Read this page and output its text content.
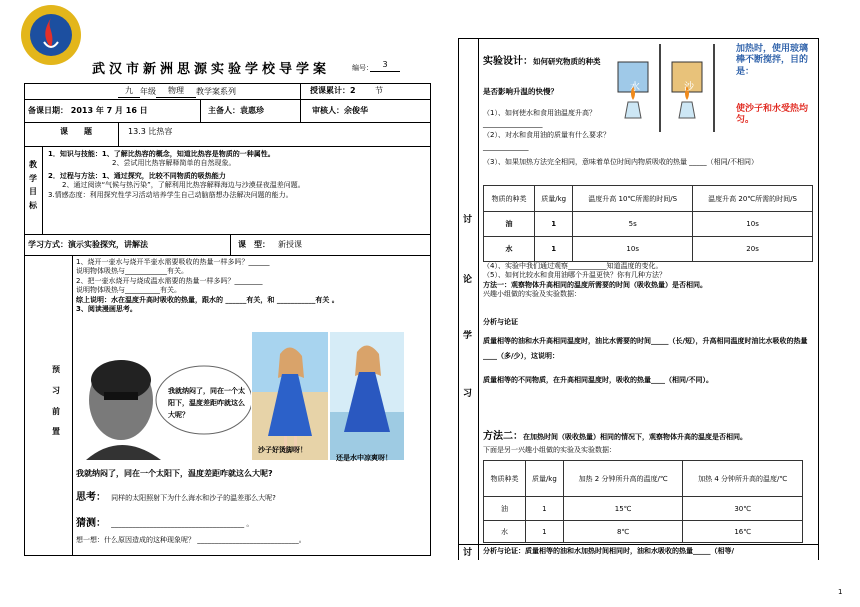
武汉市新洲思源实验学校导学案	编号：	3
九 年级 物理 教学案系列	授课累计：2 节
备课日期： 2013 年 7 月 16 日	主备人：袁惠珍	审核人：余俊华
课　　题	13.3 比热容
教学目标
1．知识与技能：1、了解比热容的概念，知道比热容是物质的一种属性。
2、尝试用比热容解释简单的自然现象。
2．过程与方法：1、通过探究，比较不同物质的吸热能力
2、通过阅读“气候与热污染”，了解利用比热容解释海边与沙漠昼夜温差问题。
3.情感态度：利用探究性学习活动培养学生自己动脑筋想办法解决问题的能力。
学习方式：演示实验探究，讲解法	课　型： 新授课
预习前置
1、烧开一壶水与烧开半壶水需要吸收的热量一样多吗？______
说明物体吸热与____________有关。
2、把一壶水烧开与烧成温水需要的热量一样多吗？________
说明物体吸热与__________有关。
综上说明：水在温度升高时吸收的热量，跟水的 ______有关，和 ___________有关 。
3、阅读漫画思考。
我就纳闷了，同在一个太阳下，温度差距咋就这么大呢？
沙子好烫脚呀！
还是水中凉爽呀！
我就纳闷了，同在一个太阳下，温度差距咋就这么大呢?
思考： 同样的太阳照射下为什么海水和沙子的温差那么大呢?
猜测： ______________________________________ 。
想一想：什么原因造成的这种现象呢？ _____________________________。
讨
论
学
习
讨
实验设计：如何研究物质的种类是否影响升温的快慢？	水	沙
加热时，使用玻璃棒不断搅拌，目的是：
使沙子和水受热均匀。
（1）、如何使水和食用油温度升高？_________________
（2）、对水和食用油的质量有什么要求？_____________
（3）、如果加热方法完全相同，意味着单位时间内物质吸收的热量 _____（相同/不相同）
物质的种类	质量/kg	温度升高 10℃所需的时间/S	温度升高 20℃所需的时间/S
油	1	5s	10s
水	1	10s	20s
（4）、实验中我们通过观察___________知道温度的变化。
（5）、如何比较水和食用油哪个升温更快？你有几种方法？
方法一：观察物体升高相同的温度所需要的时间（吸收热量）是否相同。
兴趣小组做的实验及实验数据：
分析与论证
质量相等的油和水升高相同温度时，油比水需要的时间_____（长/短），升高相同温度时油比水吸收的热量____（多/少），这说明：
质量相等的不同物质，在升高相同温度时，吸收的热量____（相同/不同）。
方法二：在加热时间（吸收热量）相同的情况下，观察物体升高的温度是否相同。
下面是另一兴趣小组做的实验及实验数据：
物质种类	质量/kg	加热 2 分钟所升高的温度/℃	加热 4 分钟所升高的温度/℃
油	1	15℃	30℃
水	1	8℃	16℃
分析与论证：质量相等的油和水加热时间相同时，油和水吸收的热量_____（相等/
1
